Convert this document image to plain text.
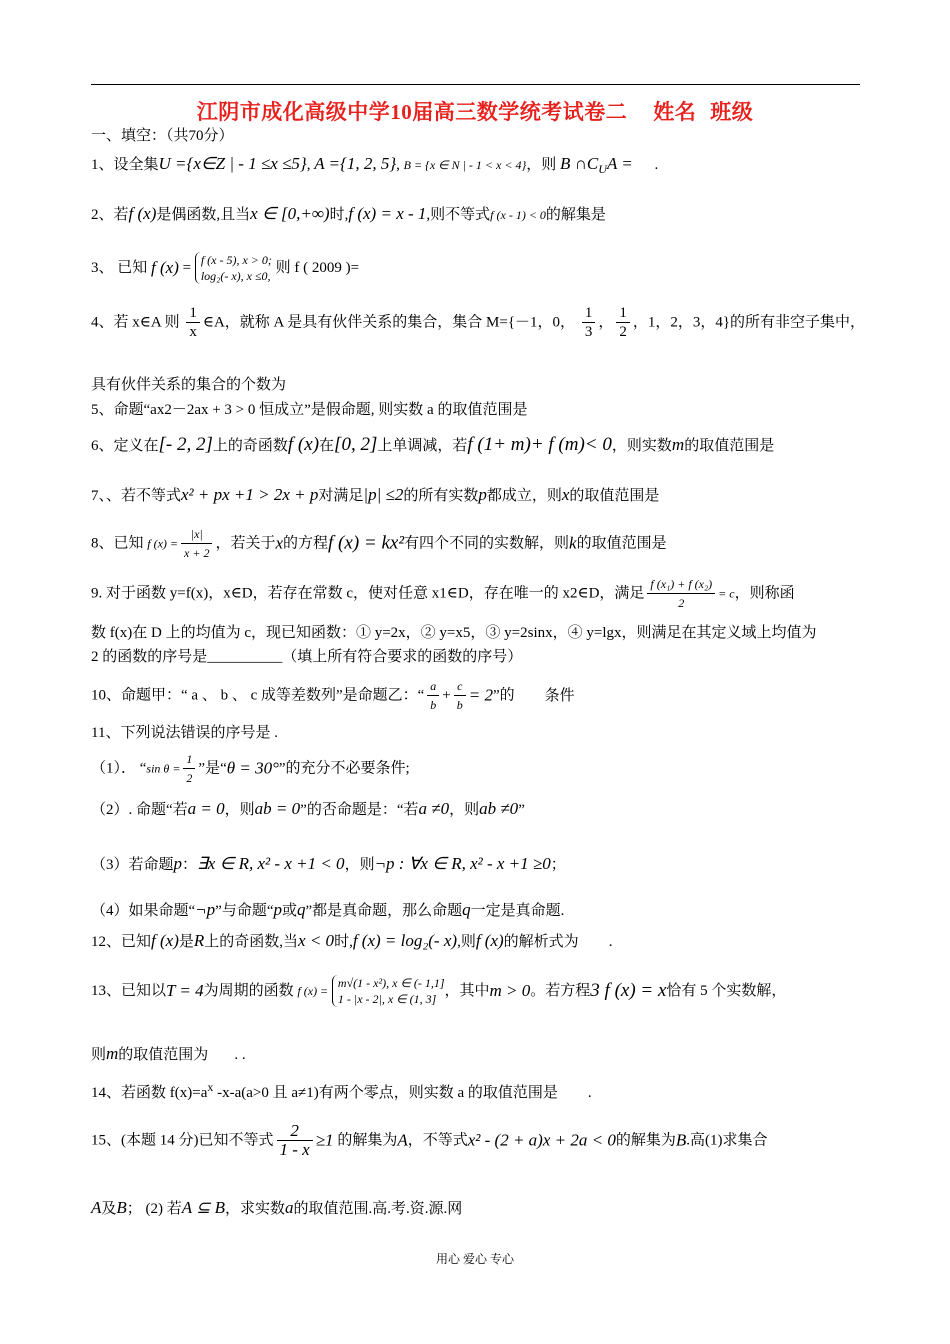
江阴市成化高级中学10届高三数学统考试卷二 姓名 班级
一、填空：（共70分）
1、设全集U ={x∈Z | - 1 ≤x ≤5}, A ={1, 2, 5}, B = {x ∈ N | - 1 < x < 4}，则 B $\cap C_UA$ = .
2、若f (x)是偶函数,且当x ∈ [0,+∞)时,f (x) = x - 1,则不等式f (x - 1) < 0的解集是
3、 已知 f (x) = f (x - 5), x > 0;
log₂(- x), x ≤0, 则 f ( 2009 )=
4、若 x∈A 则 $\frac{1}{x}$ ∈A，就称 A 是具有伙伴关系的集合，集合 M={－1，0， $\frac{1}{3}$ ， $\frac{1}{2}$ ，1，2，3，4}的所有非空子集中，
具有伙伴关系的集合的个数为
5、命题“ax2－2ax + 3 > 0 恒成立”是假命题, 则实数 a 的取值范围是
6、定义在[- 2, 2]上的奇函数f (x)在[0, 2]上单调减，若f (1+ m)+ f (m)< 0，则实数m的取值范围是
7、、若不等式x² + px +1 > 2x + p对满足|p| ≤2的所有实数p都成立，则x的取值范围是
8、已知 f $(x) = \frac{|x|}{x + 2}$ ，若关于x的方程f (x) = kx²有四个不同的实数解，则k的取值范围是
9. 对于函数 y=f(x)，x∈D，若存在常数 c，使对任意 x1∈D，存在唯一的 x2∈D，满足 $\frac{\text{f (x₁) + f (x₂)}}{2} = c$，则称函
数 f(x)在 D 上的均值为 c，现已知函数：① y=2x，② y=x5，③ y=2sinx，④ y=lgx，则满足在其定义域上均值为
2 的函数的序号是__________（填上所有符合要求的函数的序号）
10、命题甲：“ a 、 b 、 c 成等差数列”是命题乙：“ $\frac{a}{b} + \frac{c}{b} = 2$”的 条件
11、下列说法错误的序号是 .
（1）． “sin $\theta = \frac{1}{2}$ ”是“θ = 30°”的充分不必要条件;
（2）. 命题“若a = 0，则ab = 0”的否命题是：“若a ≠0，则ab ≠0”
（3）若命题p：∃x ∈ R, x² - x +1 < 0，则¬p : ∀x ∈ R, x² - x +1 ≥0；
（4）如果命题“¬p”与命题“p或q”都是真命题，那么命题q一定是真命题.
12、已知f (x)是R上的奇函数,当x < 0时,f (x) = log₂(- x),则f (x)的解析式为 .
13、已知以T = 4为周期的函数 f (x) = m√(1 - x²), x ∈ (- 1,1]
1 - |x - 2|, x ∈ (1, 3] ，其中m > 0。若方程3 f (x) = x恰有 5 个实数解，
则m的取值范围为 . .
14、若函数 $f(x)=a^x$ -x-a(a>0 且 a≠1)有两个零点，则实数 a 的取值范围是 .
15、(本题 14 分)已知不等式 $\frac{2}{1 - x} \ge 1$ 的解集为A，不等式x² - (2 + a)x + 2a < 0的解集为B.高(1)求集合
A及B； (2) 若A ⊆ B，求实数a的取值范围.高.考.资.源.网
用心 爱心 专心
